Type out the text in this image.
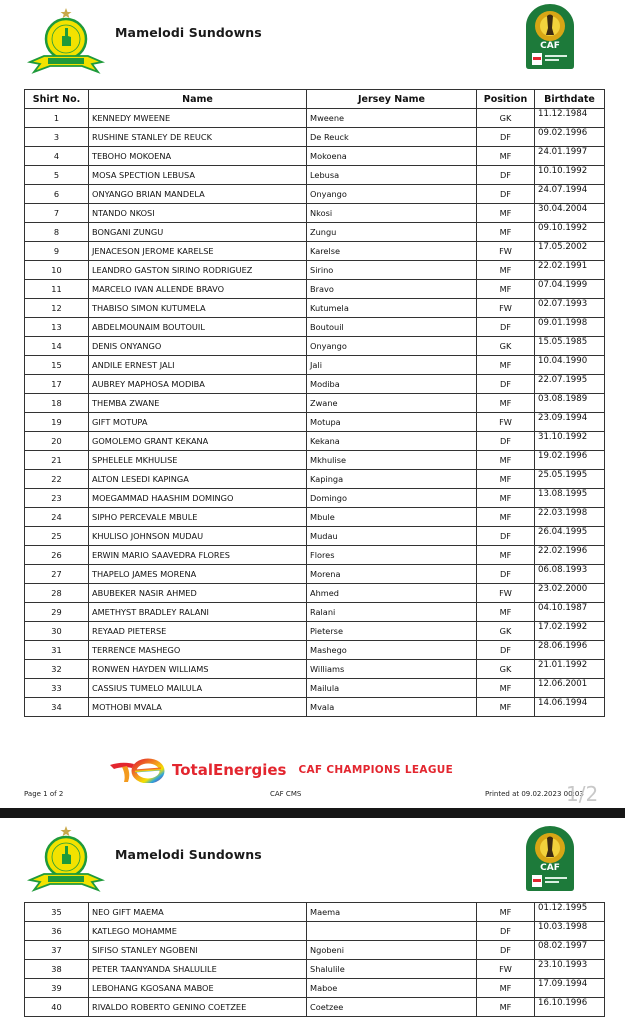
Mamelodi Sundowns
Shirt No.	Name	Jersey Name	Position	Birthdate
1	KENNEDY MWEENE	Mweene	GK	11.12.1984
3	RUSHINE STANLEY DE REUCK	De Reuck	DF	09.02.1996
4	TEBOHO MOKOENA	Mokoena	MF	24.01.1997
5	MOSA SPECTION LEBUSA	Lebusa	DF	10.10.1992
6	ONYANGO BRIAN MANDELA	Onyango	DF	24.07.1994
7	NTANDO NKOSI	Nkosi	MF	30.04.2004
8	BONGANI ZUNGU	Zungu	MF	09.10.1992
9	JENACESON JEROME KARELSE	Karelse	FW	17.05.2002
10	LEANDRO GASTON SIRINO RODRIGUEZ	Sirino	MF	22.02.1991
11	MARCELO IVAN ALLENDE BRAVO	Bravo	MF	07.04.1999
12	THABISO SIMON KUTUMELA	Kutumela	FW	02.07.1993
13	ABDELMOUNAIM BOUTOUIL	Boutouil	DF	09.01.1998
14	DENIS ONYANGO	Onyango	GK	15.05.1985
15	ANDILE ERNEST JALI	Jali	MF	10.04.1990
17	AUBREY MAPHOSA MODIBA	Modiba	DF	22.07.1995
18	THEMBA ZWANE	Zwane	MF	03.08.1989
19	GIFT MOTUPA	Motupa	FW	23.09.1994
20	GOMOLEMO GRANT KEKANA	Kekana	DF	31.10.1992
21	SPHELELE MKHULISE	Mkhulise	MF	19.02.1996
22	ALTON LESEDI KAPINGA	Kapinga	MF	25.05.1995
23	MOEGAMMAD HAASHIM DOMINGO	Domingo	MF	13.08.1995
24	SIPHO PERCEVALE MBULE	Mbule	MF	22.03.1998
25	KHULISO JOHNSON MUDAU	Mudau	DF	26.04.1995
26	ERWIN MARIO SAAVEDRA FLORES	Flores	MF	22.02.1996
27	THAPELO JAMES MORENA	Morena	DF	06.08.1993
28	ABUBEKER NASIR AHMED	Ahmed	FW	23.02.2000
29	AMETHYST BRADLEY RALANI	Ralani	MF	04.10.1987
30	REYAAD PIETERSE	Pieterse	GK	17.02.1992
31	TERRENCE MASHEGO	Mashego	DF	28.06.1996
32	RONWEN HAYDEN WILLIAMS	Williams	GK	21.01.1992
33	CASSIUS TUMELO MAILULA	Mailula	MF	12.06.2001
34	MOTHOBI MVALA	Mvala	MF	14.06.1994
TotalEnergies CAF CHAMPIONS LEAGUE
Page 1 of 2	CAF CMS	Printed at 09.02.2023 00:03
1/2
Mamelodi Sundowns
35	NEO GIFT MAEMA	Maema	MF	01.12.1995
36	KATLEGO MOHAMME		DF	10.03.1998
37	SIFISO STANLEY NGOBENI	Ngobeni	DF	08.02.1997
38	PETER TAANYANDA SHALULILE	Shalulile	FW	23.10.1993
39	LEBOHANG KGOSANA MABOE	Maboe	MF	17.09.1994
40	RIVALDO ROBERTO GENINO COETZEE	Coetzee	MF	16.10.1996
